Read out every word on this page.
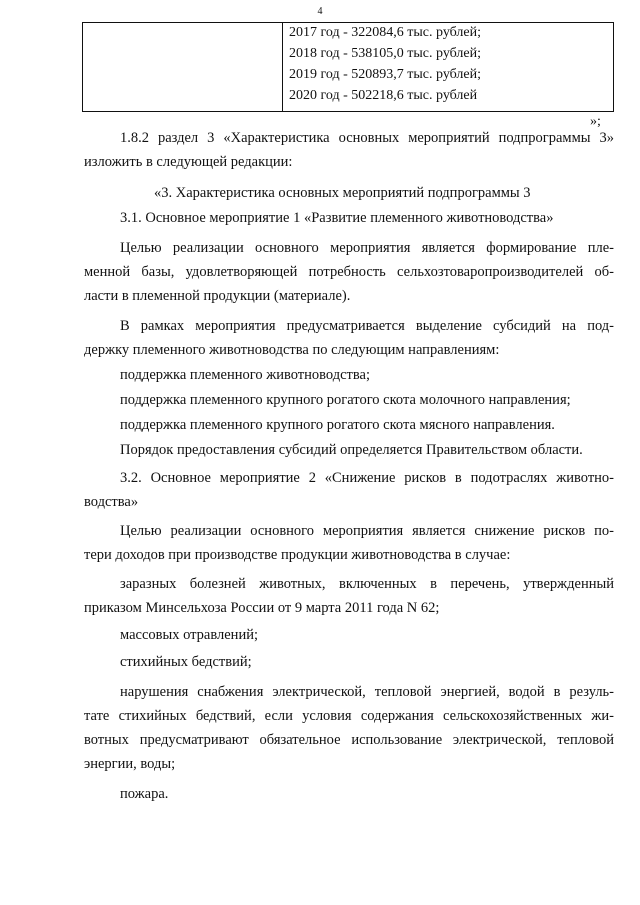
4
2017 год - 322084,6 тыс. рублей;
2018 год - 538105,0 тыс. рублей;
2019 год - 520893,7 тыс. рублей;
2020 год - 502218,6 тыс. рублей
»;
1.8.2 раздел 3 «Характеристика основных мероприятий подпрограммы 3»
изложить в следующей редакции:
«3. Характеристика основных мероприятий подпрограммы 3
3.1. Основное мероприятие 1 «Развитие племенного животноводства»
Целью реализации основного мероприятия является формирование пле-
менной базы, удовлетворяющей потребность сельхозтоваропроизводителей об-
ласти в племенной продукции (материале).
В рамках мероприятия предусматривается выделение субсидий на под-
держку племенного животноводства по следующим направлениям:
поддержка племенного животноводства;
поддержка племенного крупного рогатого скота молочного направления;
поддержка племенного крупного рогатого скота мясного направления.
Порядок предоставления субсидий определяется Правительством области.
3.2. Основное мероприятие 2 «Снижение рисков в подотраслях животно-
водства»
Целью реализации основного мероприятия является снижение рисков по-
тери доходов при производстве продукции животноводства в случае:
заразных болезней животных, включенных в перечень, утвержденный
приказом Минсельхоза России от 9 марта 2011 года N 62;
массовых отравлений;
стихийных бедствий;
нарушения снабжения электрической, тепловой энергией, водой в резуль-
тате стихийных бедствий, если условия содержания сельскохозяйственных жи-
вотных предусматривают обязательное использование электрической, тепловой
энергии, воды;
пожара.
